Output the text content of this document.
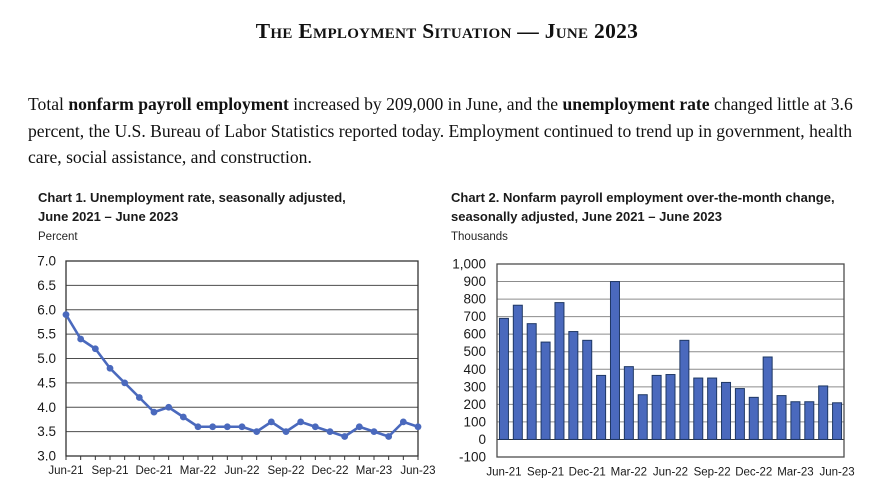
The Employment Situation — June 2023

Total nonfarm payroll employment increased by 209,000 in June, and the unemployment rate changed little at 3.6 percent, the U.S. Bureau of Labor Statistics reported today. Employment continued to trend up in government, health care, social assistance, and construction.

Chart 1. Unemployment rate, seasonally adjusted,
June 2021 – June 2023
Percent
7.0
6.5
6.0
5.5
5.0
4.5
4.0
3.5
3.0
Jun-21 Sep-21 Dec-21 Mar-22 Jun-22 Sep-22 Dec-22 Mar-23 Jun-23
Chart 2. Nonfarm payroll employment over-the-month change,
seasonally adjusted, June 2021 – June 2023
Thousands
1,000
900
800
700
600
500
400
300
200
100
0
-100
Jun-21 Sep-21 Dec-21 Mar-22 Jun-22 Sep-22 Dec-22 Mar-23 Jun-23
